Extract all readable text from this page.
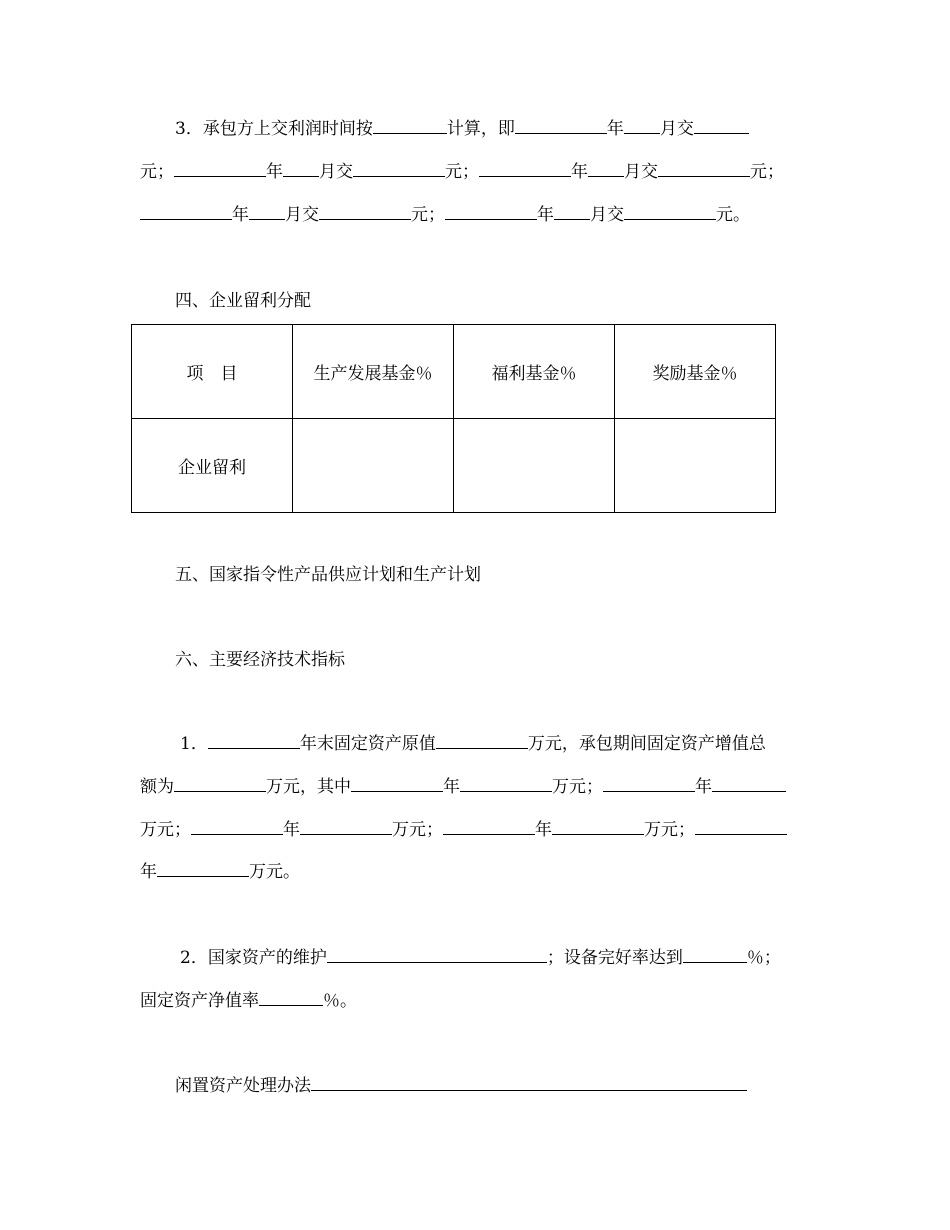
3．承包方上交利润时间按	计算，即	年 月交
元；	年 月交	元；	年 月交	元；
年 月交	元；	年 月交	元。
四、企业留利分配
项　目	生产发展基金％	福利基金％	奖励基金％
企业留利			
五、国家指令性产品供应计划和生产计划
六、主要经济技术指标
1．	年末固定资产原值	万元，承包期间固定资产增值总
额为	万元，其中	年	万元；	年
万元；	年	万元；	年	万元；
年	万元。
2．国家资产的维护	；设备完好率达到	％；
固定资产净值率	％。
闲置资产处理办法
